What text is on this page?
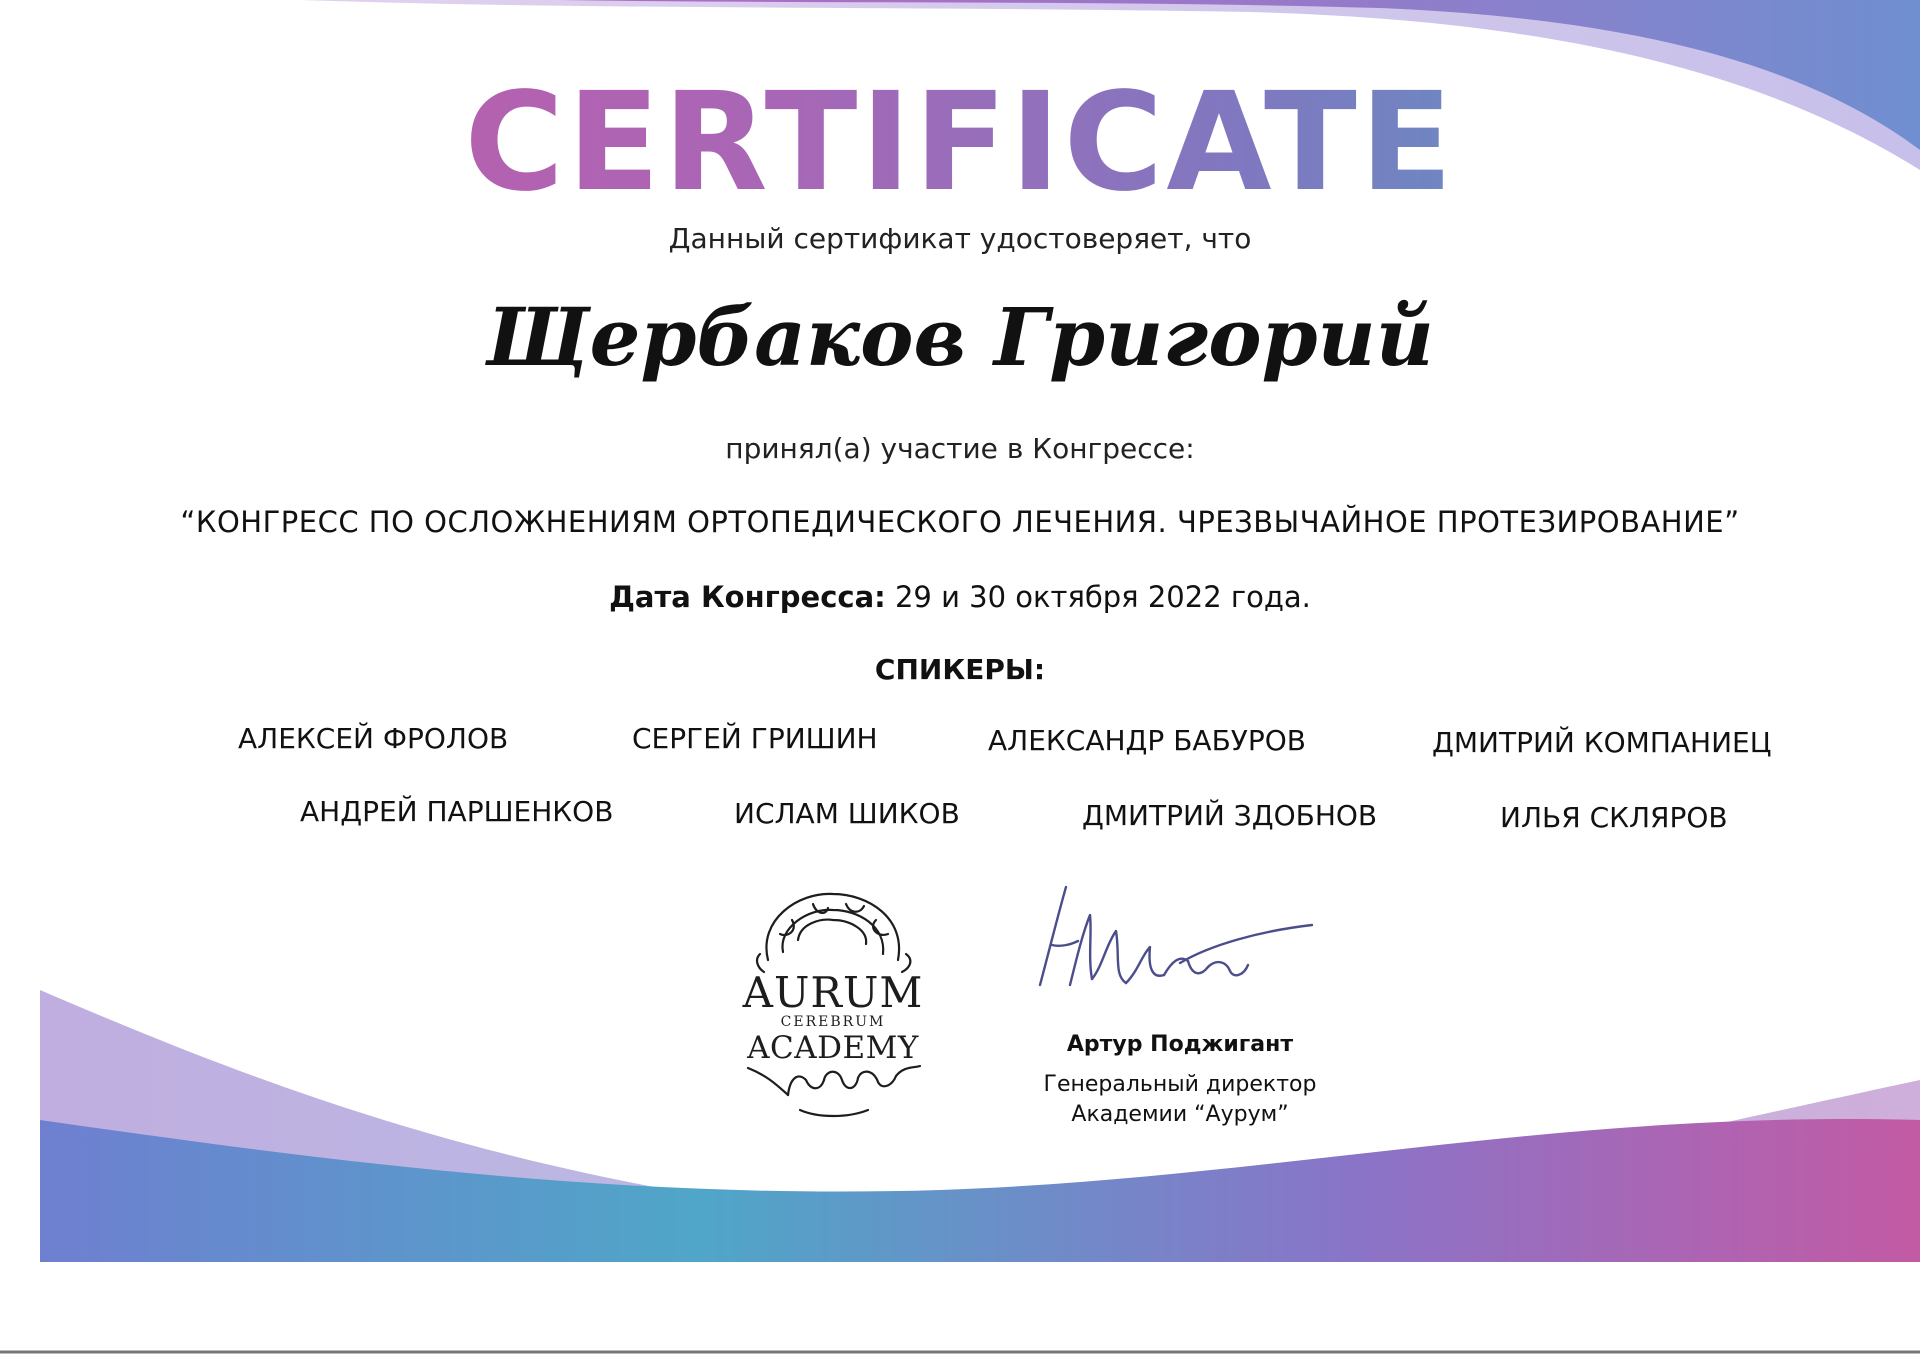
CERTIFICATE
Данный сертификат удостоверяет, что
Щербаков Григорий
принял(а) участие в Конгрессе:
“КОНГРЕСС ПО ОСЛОЖНЕНИЯМ ОРТОПЕДИЧЕСКОГО ЛЕЧЕНИЯ. ЧРЕЗВЫЧАЙНОЕ ПРОТЕЗИРОВАНИЕ”
Дата Конгресса: 29 и 30 октября 2022 года.
СПИКЕРЫ:
АЛЕКСЕЙ ФРОЛОВ	СЕРГЕЙ ГРИШИН	АЛЕКСАНДР БАБУРОВ	ДМИТРИЙ КОМПАНИЕЦ
АНДРЕЙ ПАРШЕНКОВ	ИСЛАМ ШИКОВ	ДМИТРИЙ ЗДОБНОВ	ИЛЬЯ СКЛЯРОВ
AURUM
CEREBRUM
ACADEMY	Артур Поджигант
Генеральный директор
Академии “Аурум”
